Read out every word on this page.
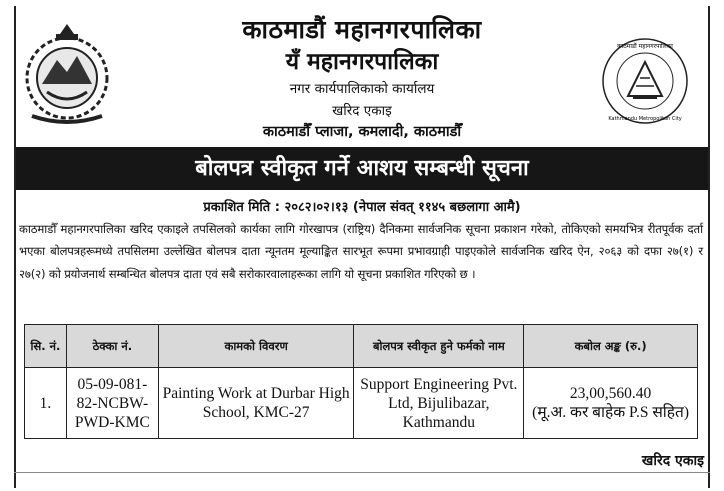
काठमाडौं महानगरपालिका
Kathmandu Metropolitan City
काठमाडौं महानगरपालिका
यँ महानगरपालिका
नगर कार्यपालिकाको कार्यालय
खरिद एकाइ
काठमाडौँ प्लाजा, कमलादी, काठमाडौँ
बोलपत्र स्वीकृत गर्ने आशय सम्बन्धी सूचना
प्रकाशित मिति : २०८२।०२।१३ (नेपाल संवत् ११४५ बछलागा आमै)
काठमाडौँ महानगरपालिका खरिद एकाइले तपसिलको कार्यका लागि गोरखापत्र (राष्ट्रिय) दैनिकमा सार्वजनिक सूचना प्रकाशन गरेको, तोकिएको समयभित्र रीतपूर्वक दर्ता भएका बोलपत्रहरूमध्ये तपसिलमा उल्लेखित बोलपत्र दाता न्यूनतम मूल्याङ्कित सारभूत रूपमा प्रभावग्राही पाइएकोले सार्वजनिक खरिद ऐन, २०६३ को दफा २७(१) र २७(२) को प्रयोजनार्थ सम्बन्धित बोलपत्र दाता एवं सबै सरोकारवालाहरूका लागि यो सूचना प्रकाशित गरिएको छ ।
सि. नं.	ठेक्का नं.	कामको विवरण	बोलपत्र स्वीकृत हुने फर्मको नाम	कबोल अङ्क (रु.)
1.	05-09-081-82-NCBW-PWD-KMC	Painting Work at Durbar High School, KMC-27	Support Engineering Pvt. Ltd, Bijulibazar, Kathmandu	23,00,560.40
(मू.अ. कर बाहेक P.S सहित)
खरिद एकाइ
